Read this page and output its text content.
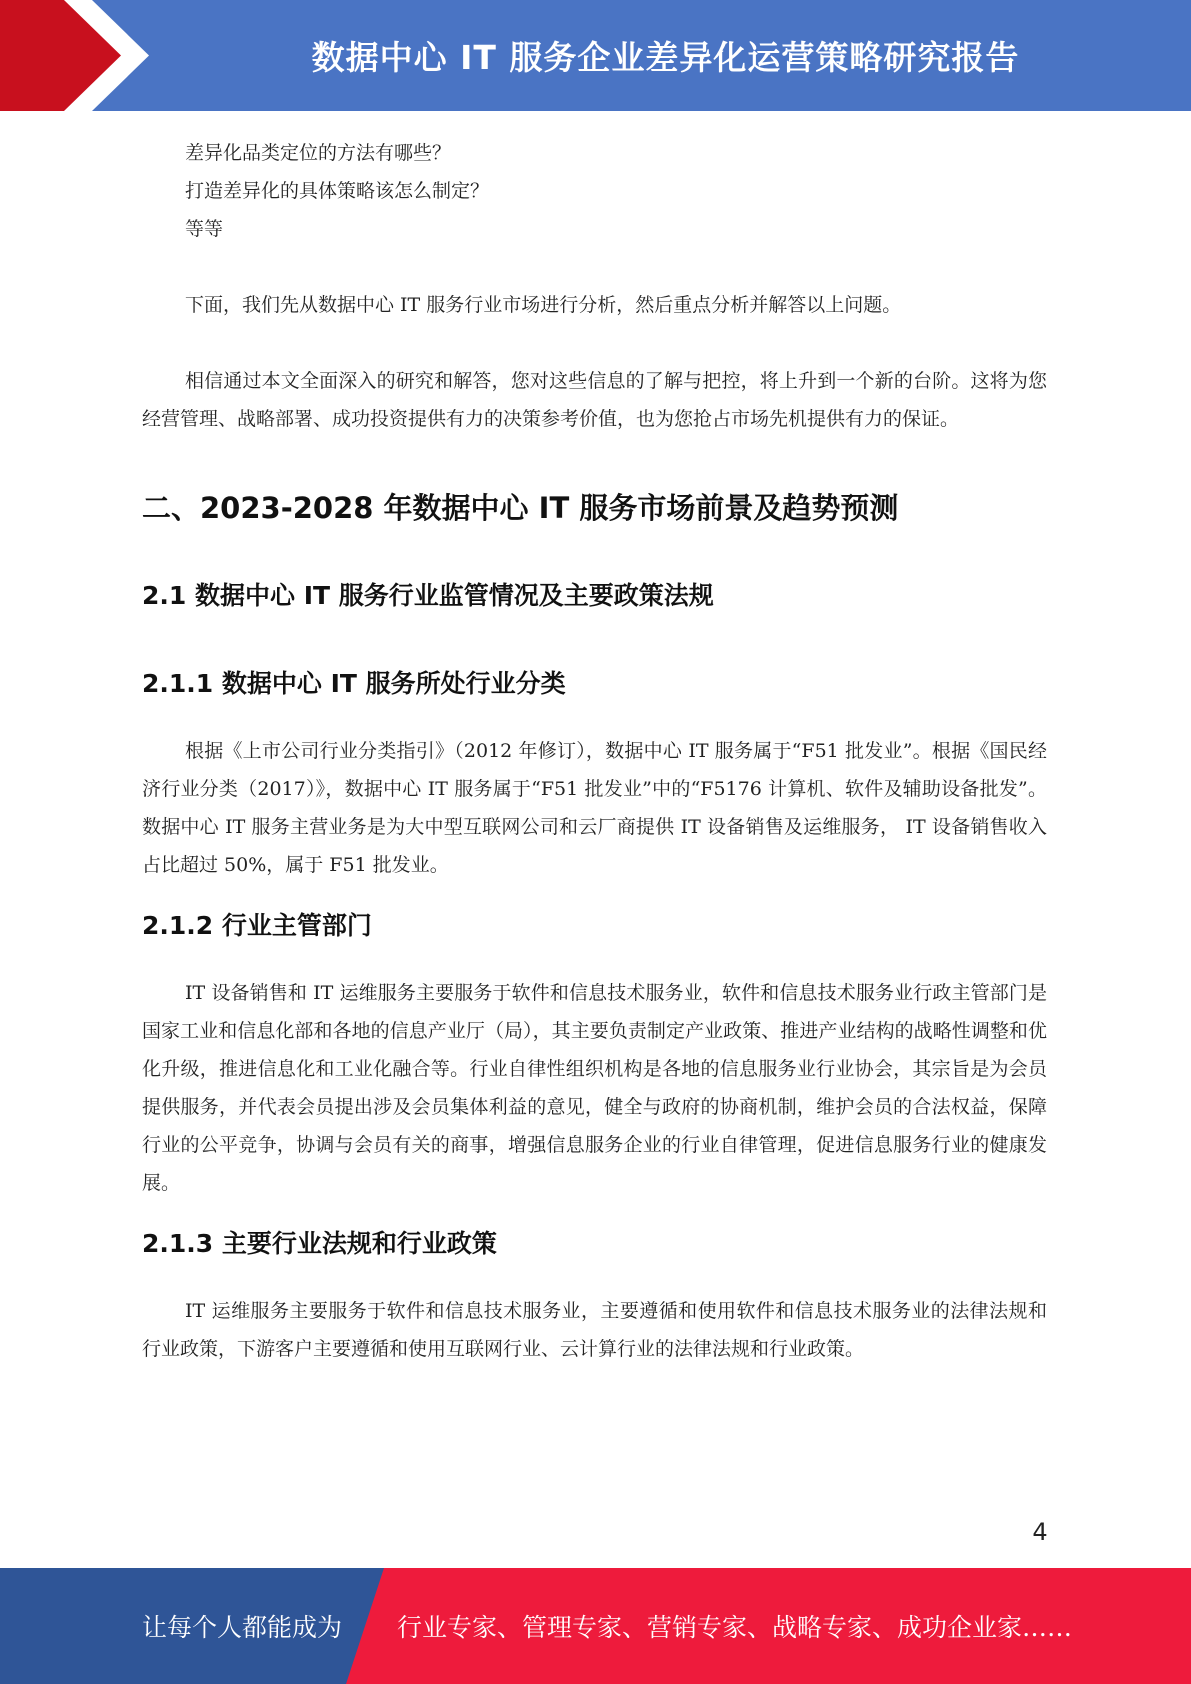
数据中心 IT 服务企业差异化运营策略研究报告

差异化品类定位的方法有哪些？

打造差异化的具体策略该怎么制定？

等等

下面，我们先从数据中心 IT 服务行业市场进行分析，然后重点分析并解答以上问题。

相信通过本文全面深入的研究和解答，您对这些信息的了解与把控，将上升到一个新的台阶。这将为您经营管理、战略部署、成功投资提供有力的决策参考价值，也为您抢占市场先机提供有力的保证。

二、2023-2028 年数据中心 IT 服务市场前景及趋势预测
2.1 数据中心 IT 服务行业监管情况及主要政策法规
2.1.1 数据中心 IT 服务所处行业分类

根据《上市公司行业分类指引》（2012 年修订），数据中心 IT 服务属于“F51 批发业”。根据《国民经济行业分类（2017）》，数据中心 IT 服务属于“F51 批发业”中的“F5176 计算机、软件及辅助设备批发”。数据中心 IT 服务主营业务是为大中型互联网公司和云厂商提供 IT 设备销售及运维服务， IT 设备销售收入占比超过 50%，属于 F51 批发业。

2.1.2 行业主管部门

IT 设备销售和 IT 运维服务主要服务于软件和信息技术服务业，软件和信息技术服务业行政主管部门是国家工业和信息化部和各地的信息产业厅（局），其主要负责制定产业政策、推进产业结构的战略性调整和优化升级，推进信息化和工业化融合等。行业自律性组织机构是各地的信息服务业行业协会，其宗旨是为会员提供服务，并代表会员提出涉及会员集体利益的意见，健全与政府的协商机制，维护会员的合法权益，保障行业的公平竞争，协调与会员有关的商事，增强信息服务企业的行业自律管理，促进信息服务行业的健康发展。

2.1.3 主要行业法规和行业政策

IT 运维服务主要服务于软件和信息技术服务业，主要遵循和使用软件和信息技术服务业的法律法规和行业政策，下游客户主要遵循和使用互联网行业、云计算行业的法律法规和行业政策。

4
让每个人都能成为 行业专家、管理专家、营销专家、战略专家、成功企业家……
